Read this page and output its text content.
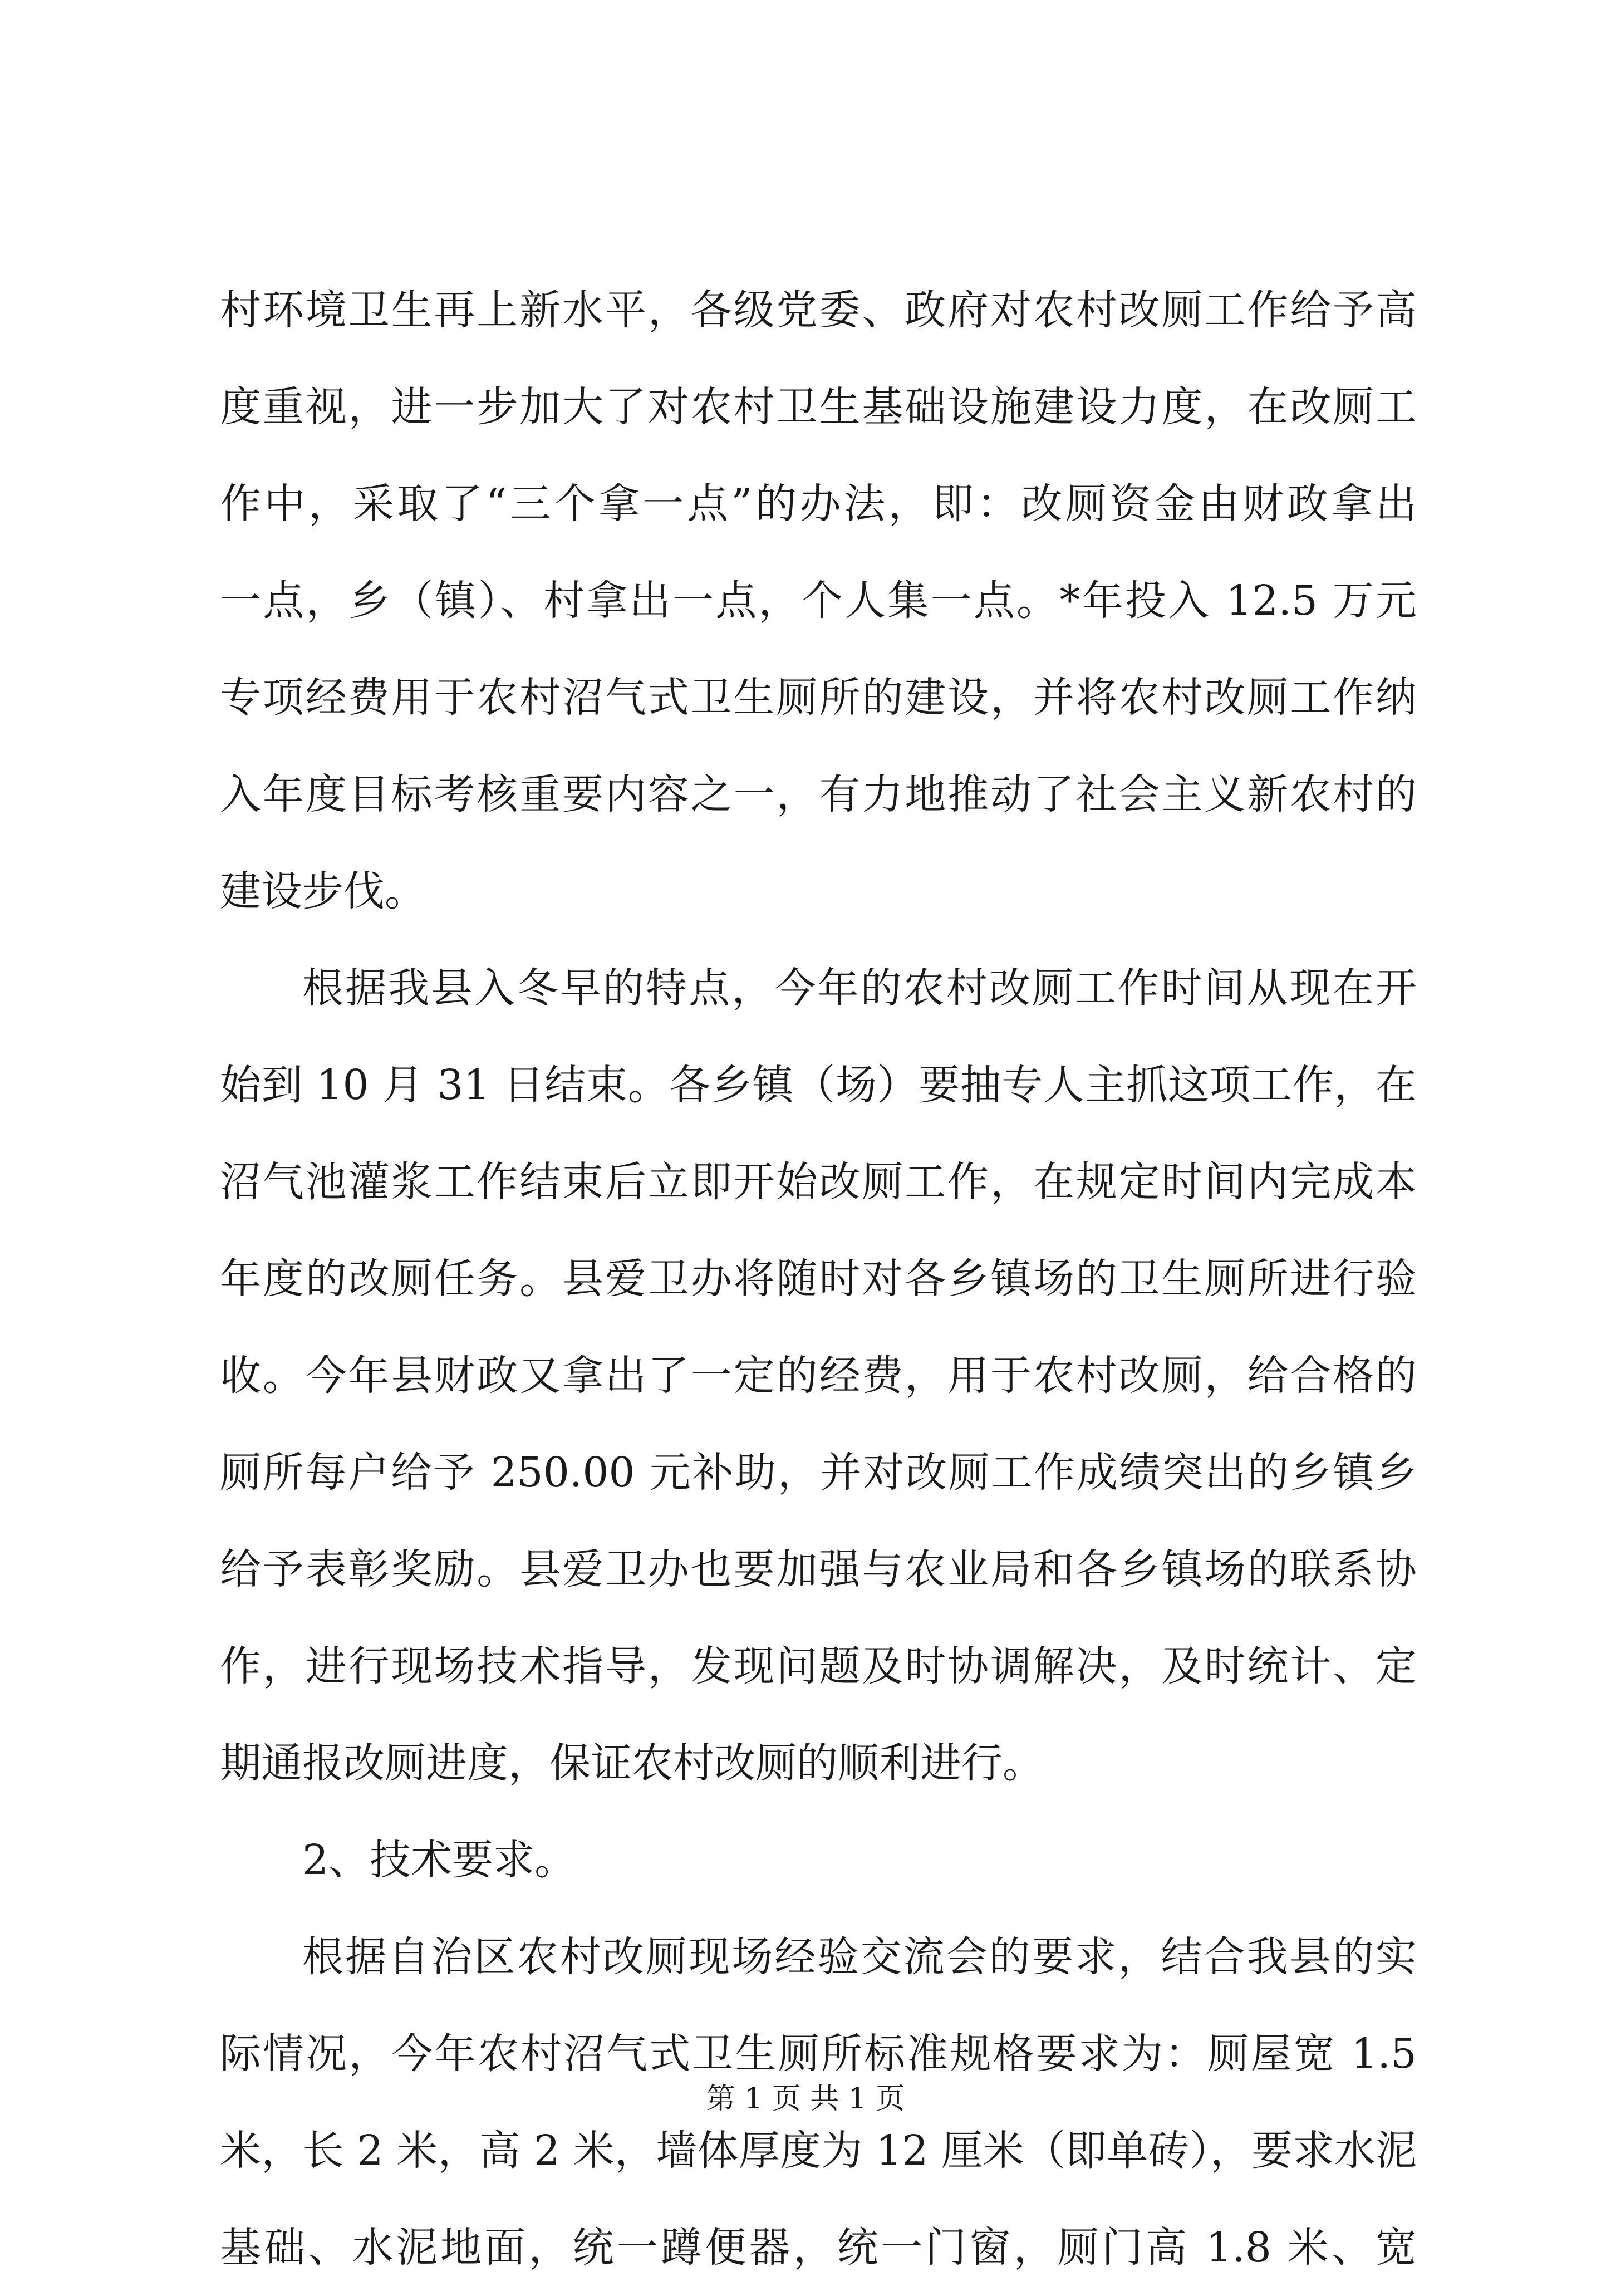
村环境卫生再上新水平，各级党委、政府对农村改厕工作给予高
度重视，进一步加大了对农村卫生基础设施建设力度，在改厕工
作中，采取了“三个拿一点”的办法，即：改厕资金由财政拿出
一点，乡（镇）、村拿出一点，个人集一点。*年投入 12.5 万元
专项经费用于农村沼气式卫生厕所的建设，并将农村改厕工作纳
入年度目标考核重要内容之一，有力地推动了社会主义新农村的
建设步伐。
根据我县入冬早的特点，今年的农村改厕工作时间从现在开
始到 10 月 31 日结束。各乡镇（场）要抽专人主抓这项工作，在
沼气池灌浆工作结束后立即开始改厕工作，在规定时间内完成本
年度的改厕任务。县爱卫办将随时对各乡镇场的卫生厕所进行验
收。今年县财政又拿出了一定的经费，用于农村改厕，给合格的
厕所每户给予 250.00 元补助，并对改厕工作成绩突出的乡镇乡
给予表彰奖励。县爱卫办也要加强与农业局和各乡镇场的联系协
作，进行现场技术指导，发现问题及时协调解决，及时统计、定
期通报改厕进度，保证农村改厕的顺利进行。
2、技术要求。
根据自治区农村改厕现场经验交流会的要求，结合我县的实
际情况，今年农村沼气式卫生厕所标准规格要求为：厕屋宽 1.5
米，长 2 米，高 2 米，墙体厚度为 12 厘米（即单砖），要求水泥
基础、水泥地面，统一蹲便器，统一门窗，厕门高 1.8 米、宽
第 1 页 共 1 页
